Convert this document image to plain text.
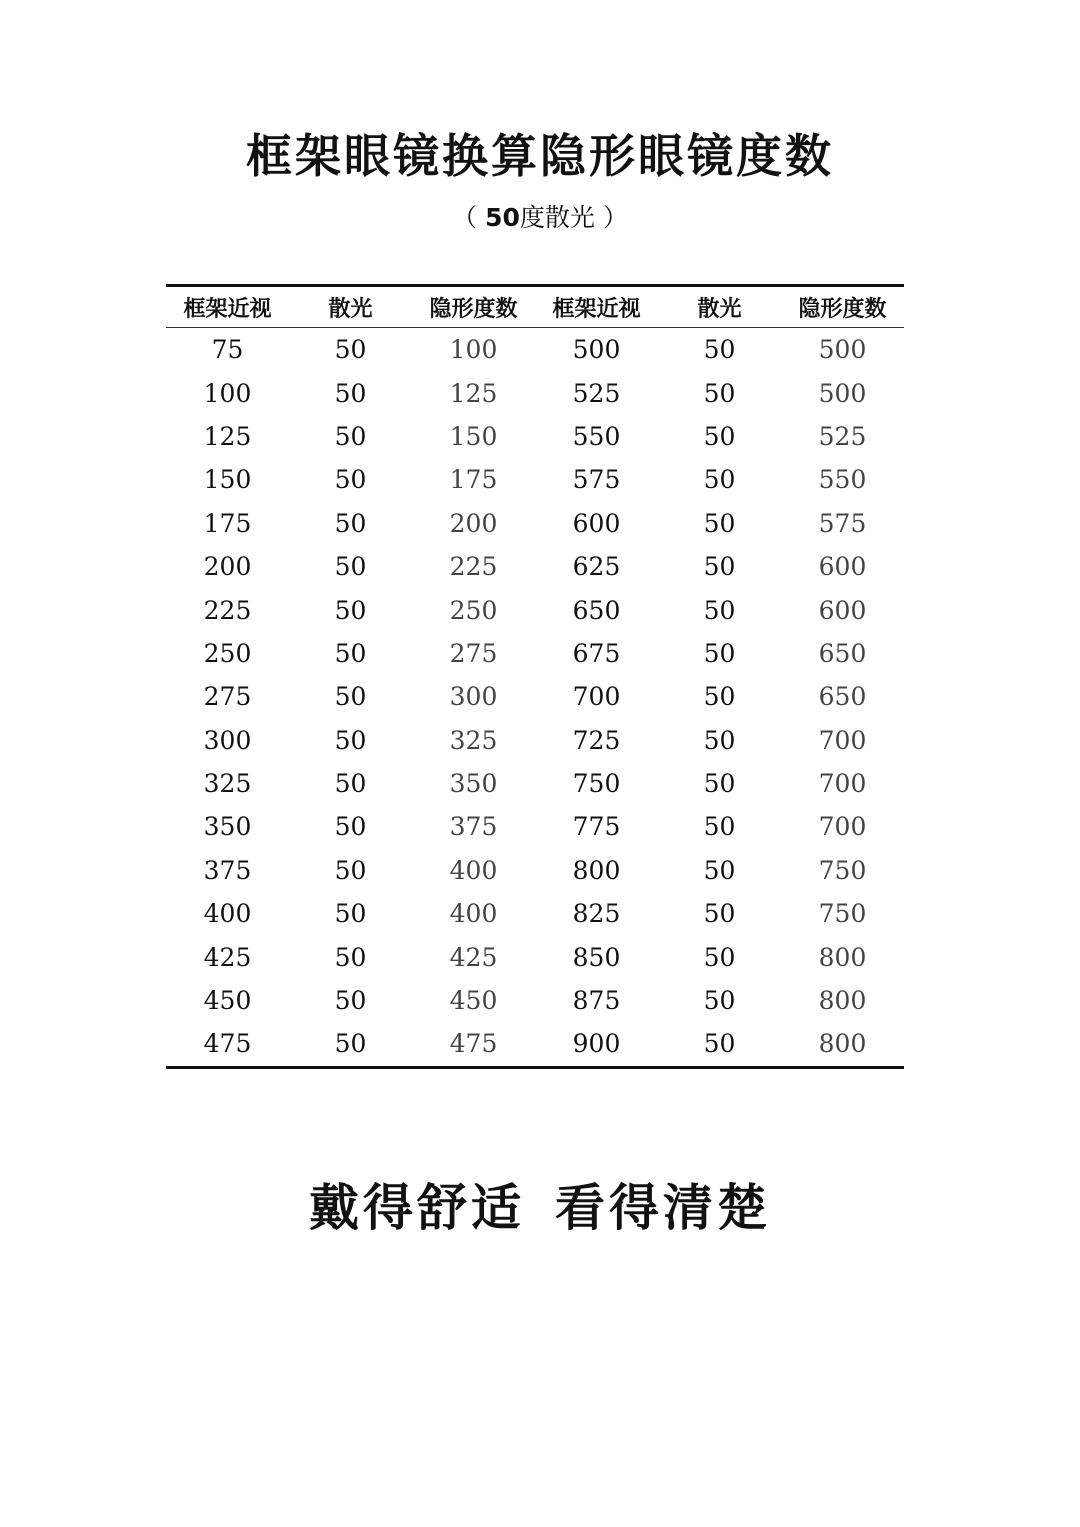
框架眼镜换算隐形眼镜度数
（ 50度散光 ）
框架近视	散光	隐形度数	框架近视	散光	隐形度数
75	50	100	500	50	500
100	50	125	525	50	500
125	50	150	550	50	525
150	50	175	575	50	550
175	50	200	600	50	575
200	50	225	625	50	600
225	50	250	650	50	600
250	50	275	675	50	650
275	50	300	700	50	650
300	50	325	725	50	700
325	50	350	750	50	700
350	50	375	775	50	700
375	50	400	800	50	750
400	50	400	825	50	750
425	50	425	850	50	800
450	50	450	875	50	800
475	50	475	900	50	800
戴得舒适 看得清楚
